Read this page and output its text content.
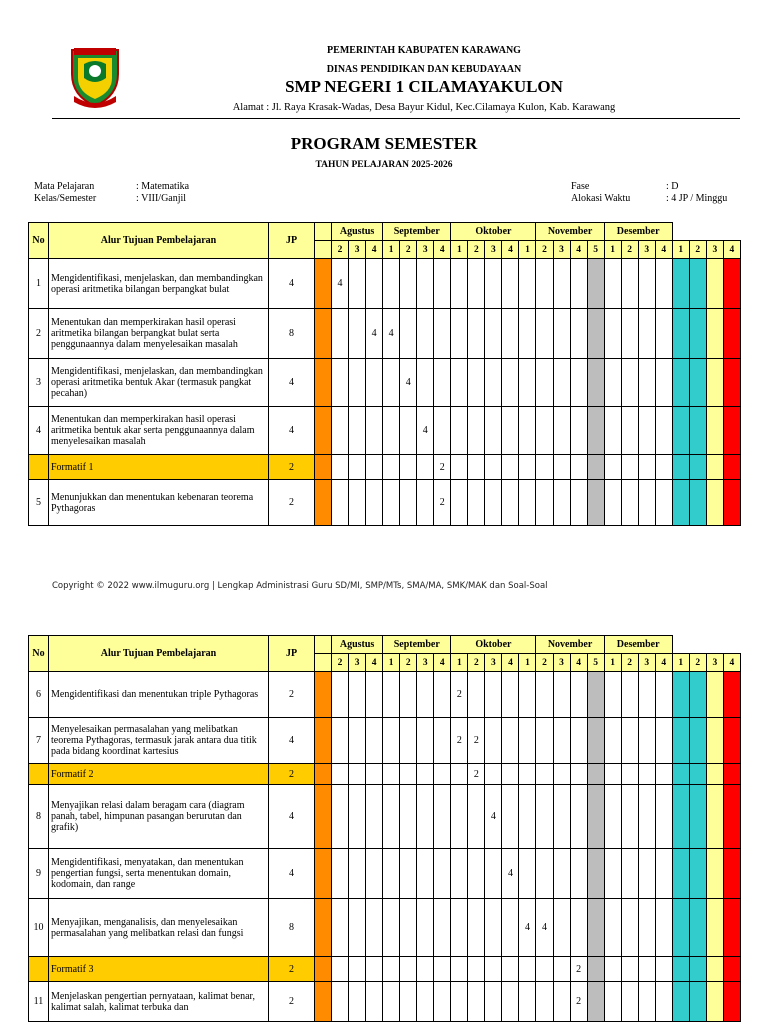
PEMERINTAH KABUPATEN KARAWANG
DINAS PENDIDIKAN DAN KEBUDAYAAN
SMP NEGERI 1 CILAMAYAKULON
Alamat : Jl. Raya Krasak-Wadas, Desa Bayur Kidul, Kec.Cilamaya Kulon, Kab. Karawang
PROGRAM SEMESTER
TAHUN PELAJARAN 2025-2026
Mata Pelajaran	: Matematika
Kelas/Semester	: VIII/Ganjil
Fase	: D
Alokasi Waktu	: 4 JP / Minggu
No	Alur Tujuan Pembelajaran	JP		Agustus			September				Oktober					November				Desember							
				2	3	4	1	2	3	4	1	2	3	4	1	2	3	4	5	1	2	3	4	1	2	3	4
1	Mengidentifikasi, menjelaskan, dan membandingkan operasi aritmetika bilangan berpangkat bulat	4		4																							
2	Menentukan dan memperkirakan hasil operasi aritmetika bilangan berpangkat bulat serta penggunaannya dalam menyelesaikan masalah	8				4	4																				
3	Mengidentifikasi, menjelaskan, dan membandingkan operasi aritmetika bentuk Akar (termasuk pangkat pecahan)	4						4																			
4	Menentukan dan memperkirakan hasil operasi aritmetika bentuk akar serta penggunaannya dalam menyelesaikan masalah	4							4																		
	Formatif 1	2								2																	
5	Menunjukkan dan menentukan kebenaran teorema Pythagoras	2								2																	
Copyright © 2022 www.ilmuguru.org | Lengkap Administrasi Guru SD/MI, SMP/MTs, SMA/MA, SMK/MAK dan Soal-Soal
No	Alur Tujuan Pembelajaran	JP		Agustus			September				Oktober					November				Desember							
				2	3	4	1	2	3	4	1	2	3	4	1	2	3	4	5	1	2	3	4	1	2	3	4
6	Mengidentifikasi dan menentukan triple Pythagoras	2									2																
7	Menyelesaikan permasalahan yang melibatkan teorema Pythagoras, termasuk jarak antara dua titik pada bidang koordinat kartesius	4									2	2															
	Formatif 2	2										2															
8	Menyajikan relasi dalam beragam cara (diagram panah, tabel, himpunan pasangan berurutan dan grafik)	4											4														
9	Mengidentifikasi, menyatakan, dan menentukan pengertian fungsi, serta menentukan domain, kodomain, dan range	4												4													
10	Menyajikan, menganalisis, dan menyelesaikan permasalahan yang melibatkan relasi dan fungsi	8													4	4											
	Formatif 3	2																2									
11	Menjelaskan pengertian pernyataan, kalimat benar, kalimat salah, kalimat terbuka dan	2																2									
